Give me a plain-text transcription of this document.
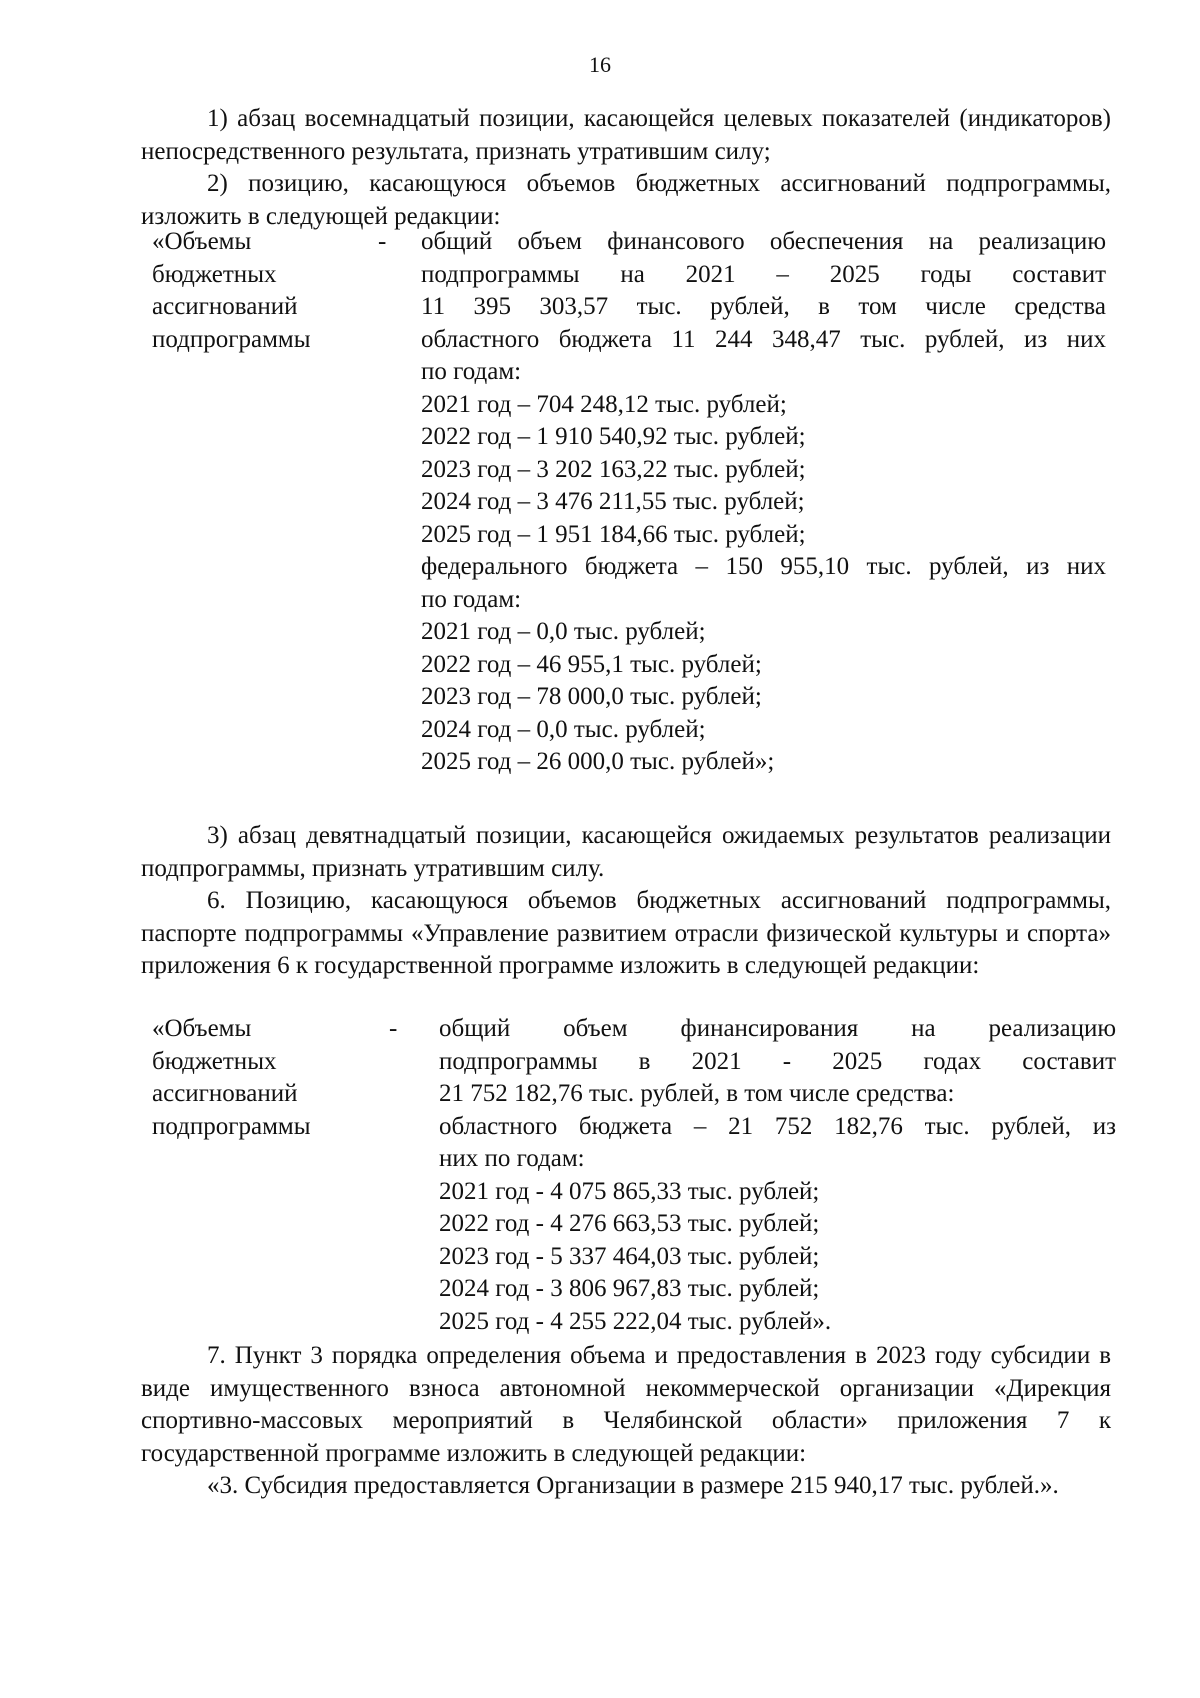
16

1) абзац восемнадцатый позиции, касающейся целевых показателей (индикаторов) непосредственного результата, признать утратившим силу;

2) позицию, касающуюся объемов бюджетных ассигнований подпрограммы, изложить в следующей редакции:

«Объемы
бюджетных
ассигнований
подпрограммы
- общий объем финансового обеспечения на реализацию
подпрограммы на 2021 – 2025 годы составит
11 395 303,57 тыс. рублей, в том числе средства
областного бюджета 11 244 348,47 тыс. рублей, из них
по годам:
2021 год – 704 248,12 тыс. рублей;
2022 год – 1 910 540,92 тыс. рублей;
2023 год – 3 202 163,22 тыс. рублей;
2024 год – 3 476 211,55 тыс. рублей;
2025 год – 1 951 184,66 тыс. рублей;
федерального бюджета – 150 955,10 тыс. рублей, из них
по годам:
2021 год – 0,0 тыс. рублей;
2022 год – 46 955,1 тыс. рублей;
2023 год – 78 000,0 тыс. рублей;
2024 год – 0,0 тыс. рублей;
2025 год – 26 000,0 тыс. рублей»;

3) абзац девятнадцатый позиции, касающейся ожидаемых результатов реализации подпрограммы, признать утратившим силу.

6. Позицию, касающуюся объемов бюджетных ассигнований подпрограммы, паспорте подпрограммы «Управление развитием отрасли физической культуры и спорта» приложения 6 к государственной программе изложить в следующей редакции:

«Объемы
бюджетных
ассигнований
подпрограммы
- общий объем финансирования на реализацию
подпрограммы в 2021 - 2025 годах составит
21 752 182,76 тыс. рублей, в том числе средства:
областного бюджета – 21 752 182,76 тыс. рублей, из
них по годам:
2021 год - 4 075 865,33 тыс. рублей;
2022 год - 4 276 663,53 тыс. рублей;
2023 год - 5 337 464,03 тыс. рублей;
2024 год - 3 806 967,83 тыс. рублей;
2025 год - 4 255 222,04 тыс. рублей».

7. Пункт 3 порядка определения объема и предоставления в 2023 году субсидии в виде имущественного взноса автономной некоммерческой организации «Дирекция спортивно-массовых мероприятий в Челябинской области» приложения 7 к государственной программе изложить в следующей редакции:

«3. Субсидия предоставляется Организации в размере 215 940,17 тыс. рублей.».
